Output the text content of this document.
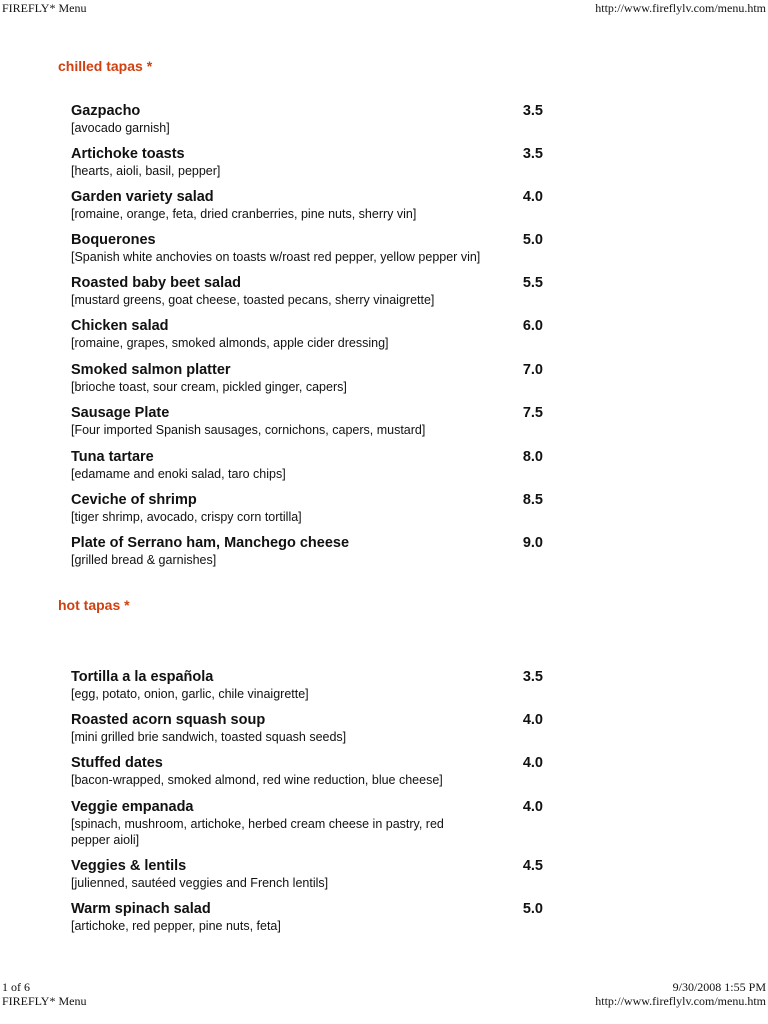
FIREFLY* Menu	http://www.fireflylv.com/menu.htm
chilled tapas *
Gazpacho
[avocado garnish]
3.5
Artichoke toasts
[hearts, aioli, basil, pepper]
3.5
Garden variety salad
[romaine, orange, feta, dried cranberries, pine nuts, sherry vin]
4.0
Boquerones
[Spanish white anchovies on toasts w/roast red pepper, yellow pepper vin]
5.0
Roasted baby beet salad
[mustard greens, goat cheese, toasted pecans, sherry vinaigrette]
5.5
Chicken salad
[romaine, grapes, smoked almonds, apple cider dressing]
6.0
Smoked salmon platter
[brioche toast, sour cream, pickled ginger, capers]
7.0
Sausage Plate
[Four imported Spanish sausages, cornichons, capers, mustard]
7.5
Tuna tartare
[edamame and enoki salad, taro chips]
8.0
Ceviche of shrimp
[tiger shrimp, avocado, crispy corn tortilla]
8.5
Plate of Serrano ham, Manchego cheese
[grilled bread & garnishes]
9.0
hot tapas *
Tortilla a la española
[egg, potato, onion, garlic, chile vinaigrette]
3.5
Roasted acorn squash soup
[mini grilled brie sandwich, toasted squash seeds]
4.0
Stuffed dates
[bacon-wrapped, smoked almond, red wine reduction, blue cheese]
4.0
Veggie empanada
[spinach, mushroom, artichoke, herbed cream cheese in pastry, red pepper aioli]
4.0
Veggies & lentils
[julienned, sautéed veggies and French lentils]
4.5
Warm spinach salad
[artichoke, red pepper, pine nuts, feta]
5.0
1 of 6	9/30/2008 1:55 PM
FIREFLY* Menu	http://www.fireflylv.com/menu.htm
